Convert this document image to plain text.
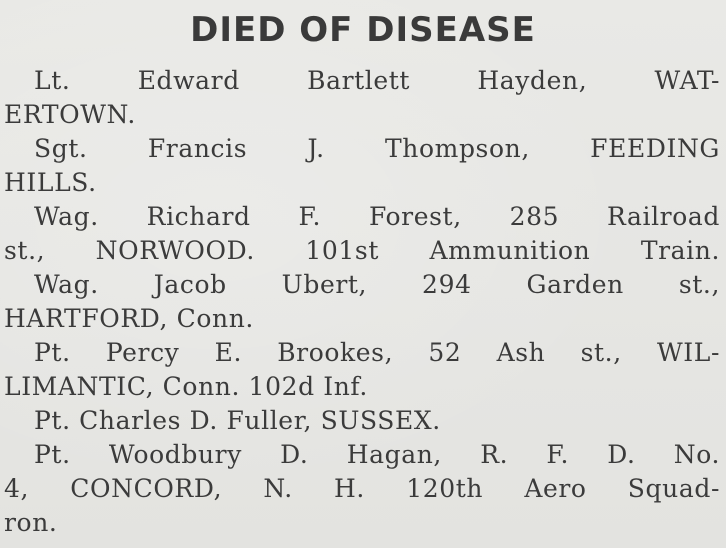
DIED OF DISEASE
Lt. Edward Bartlett Hayden, WAT-
ERTOWN.
Sgt. Francis J. Thompson, FEEDING
HILLS.
Wag. Richard F. Forest, 285 Railroad
st., NORWOOD. 101st Ammunition Train.
Wag. Jacob Ubert, 294 Garden st.,
HARTFORD, Conn.
Pt. Percy E. Brookes, 52 Ash st., WIL-
LIMANTIC, Conn. 102d Inf.
Pt. Charles D. Fuller, SUSSEX.
Pt. Woodbury D. Hagan, R. F. D. No.
4, CONCORD, N. H. 120th Aero Squad-
ron.
